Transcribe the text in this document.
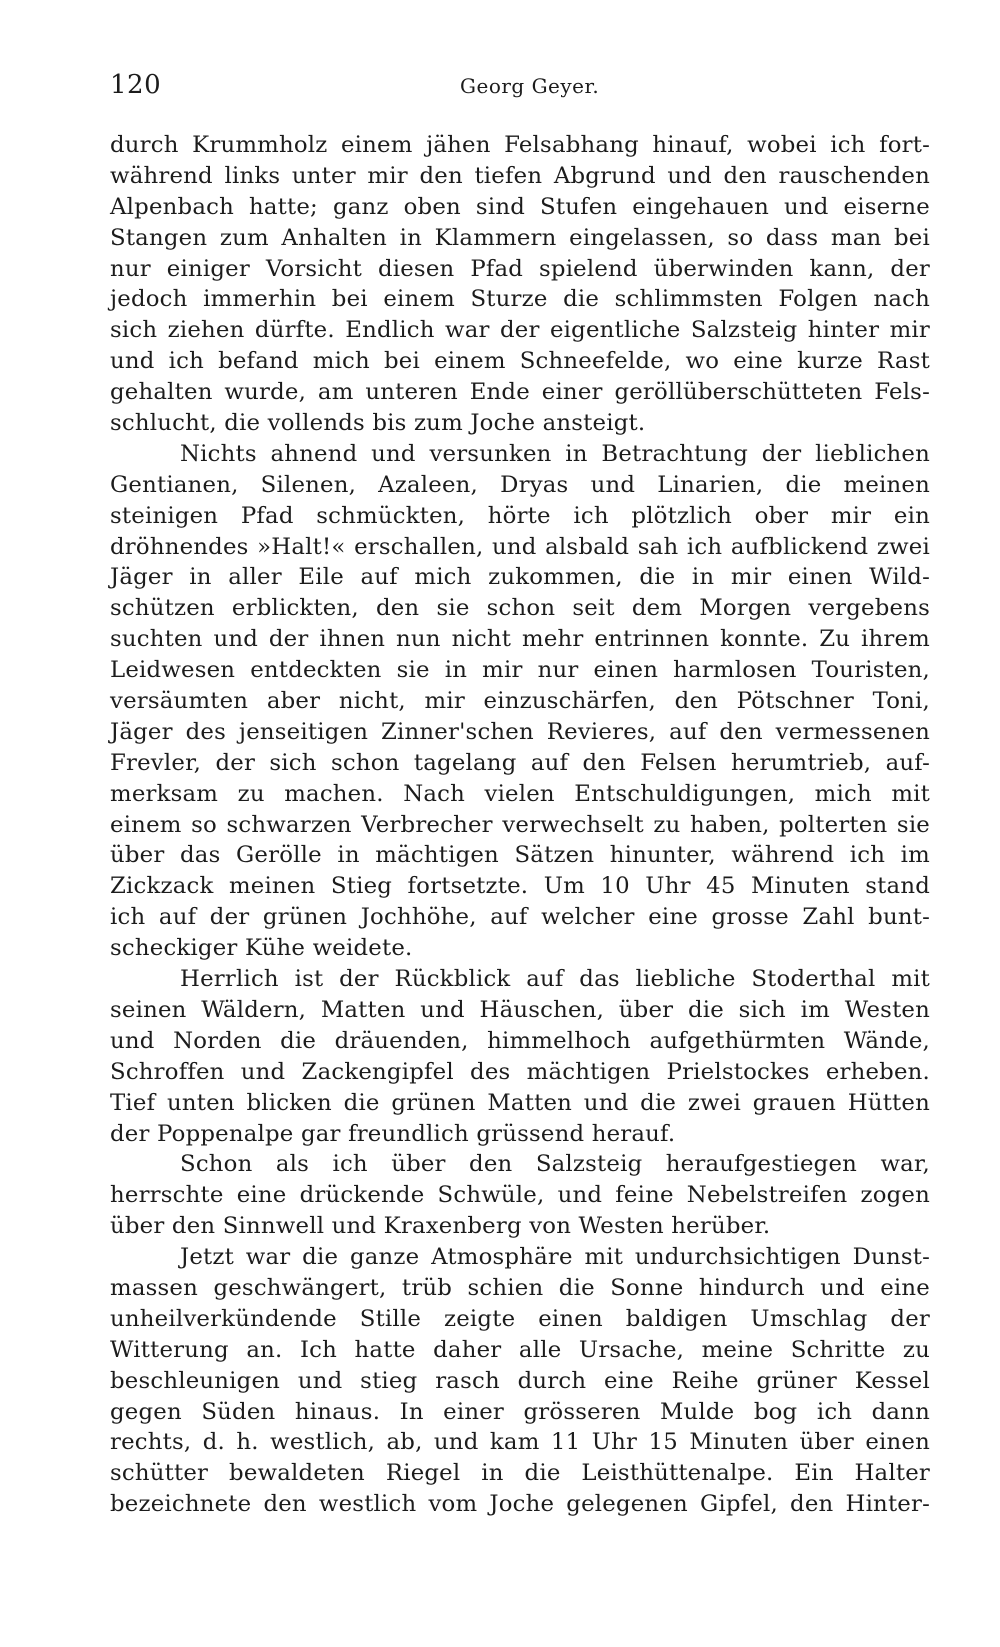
120	Georg Geyer.
durch Krummholz einem jähen Felsabhang hinauf, wobei ich fort-
während links unter mir den tiefen Abgrund und den rauschenden
Alpenbach hatte; ganz oben sind Stufen eingehauen und eiserne
Stangen zum Anhalten in Klammern eingelassen, so dass man bei
nur einiger Vorsicht diesen Pfad spielend überwinden kann, der
jedoch immerhin bei einem Sturze die schlimmsten Folgen nach
sich ziehen dürfte. Endlich war der eigentliche Salzsteig hinter mir
und ich befand mich bei einem Schneefelde, wo eine kurze Rast
gehalten wurde, am unteren Ende einer geröllüberschütteten Fels-
schlucht, die vollends bis zum Joche ansteigt.
Nichts ahnend und versunken in Betrachtung der lieblichen
Gentianen, Silenen, Azaleen, Dryas und Linarien, die meinen
steinigen Pfad schmückten, hörte ich plötzlich ober mir ein
dröhnendes »Halt!« erschallen, und alsbald sah ich aufblickend zwei
Jäger in aller Eile auf mich zukommen, die in mir einen Wild-
schützen erblickten, den sie schon seit dem Morgen vergebens
suchten und der ihnen nun nicht mehr entrinnen konnte. Zu ihrem
Leidwesen entdeckten sie in mir nur einen harmlosen Touristen,
versäumten aber nicht, mir einzuschärfen, den Pötschner Toni,
Jäger des jenseitigen Zinner'schen Revieres, auf den vermessenen
Frevler, der sich schon tagelang auf den Felsen herumtrieb, auf-
merksam zu machen. Nach vielen Entschuldigungen, mich mit
einem so schwarzen Verbrecher verwechselt zu haben, polterten sie
über das Gerölle in mächtigen Sätzen hinunter, während ich im
Zickzack meinen Stieg fortsetzte. Um 10 Uhr 45 Minuten stand
ich auf der grünen Jochhöhe, auf welcher eine grosse Zahl bunt-
scheckiger Kühe weidete.
Herrlich ist der Rückblick auf das liebliche Stoderthal mit
seinen Wäldern, Matten und Häuschen, über die sich im Westen
und Norden die dräuenden, himmelhoch aufgethürmten Wände,
Schroffen und Zackengipfel des mächtigen Prielstockes erheben.
Tief unten blicken die grünen Matten und die zwei grauen Hütten
der Poppenalpe gar freundlich grüssend herauf.
Schon als ich über den Salzsteig heraufgestiegen war,
herrschte eine drückende Schwüle, und feine Nebelstreifen zogen
über den Sinnwell und Kraxenberg von Westen herüber.
Jetzt war die ganze Atmosphäre mit undurchsichtigen Dunst-
massen geschwängert, trüb schien die Sonne hindurch und eine
unheilverkündende Stille zeigte einen baldigen Umschlag der
Witterung an. Ich hatte daher alle Ursache, meine Schritte zu
beschleunigen und stieg rasch durch eine Reihe grüner Kessel
gegen Süden hinaus. In einer grösseren Mulde bog ich dann
rechts, d. h. westlich, ab, und kam 11 Uhr 15 Minuten über einen
schütter bewaldeten Riegel in die Leisthüttenalpe. Ein Halter
bezeichnete den westlich vom Joche gelegenen Gipfel, den Hinter-
